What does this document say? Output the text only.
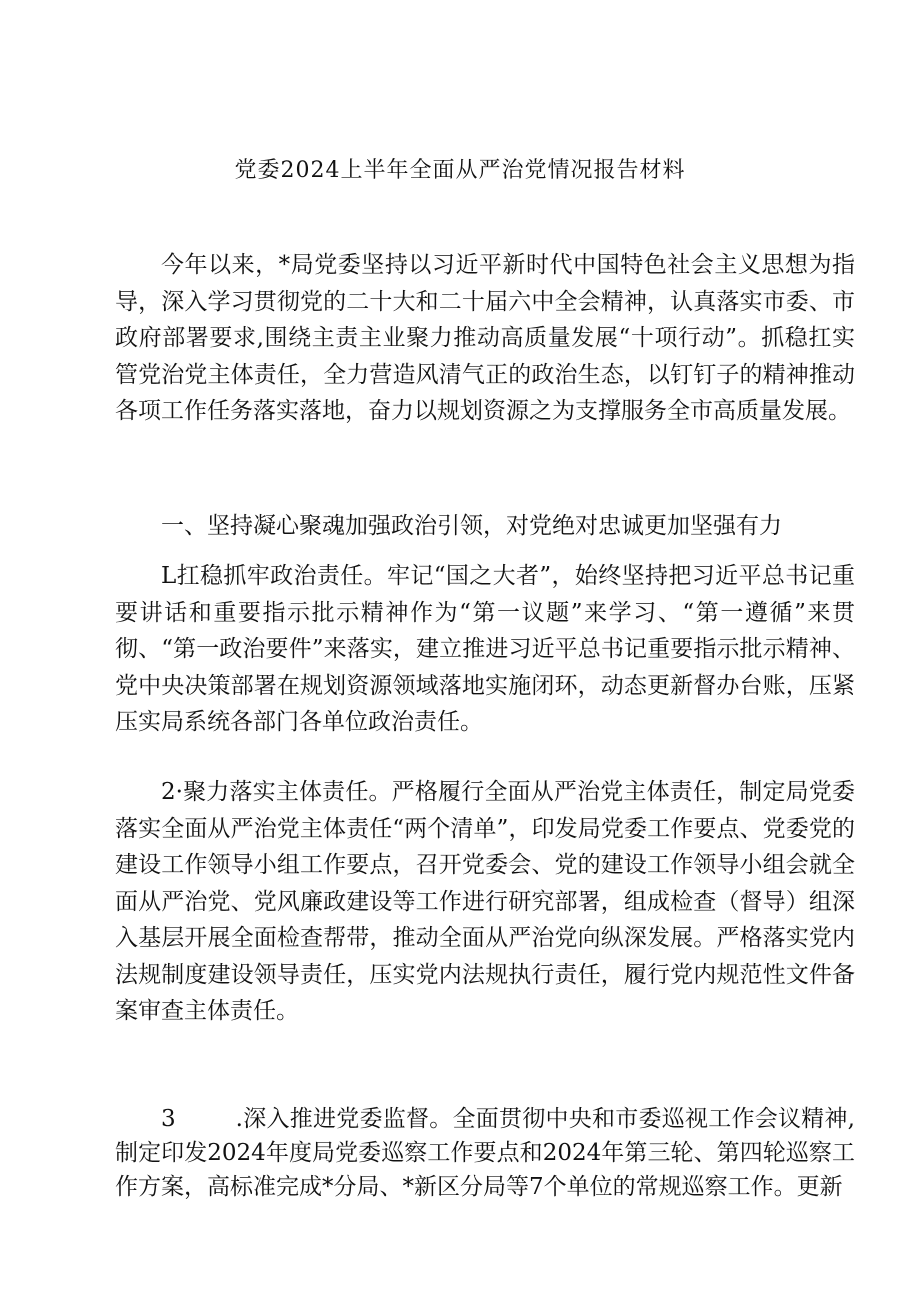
党委2024上半年全面从严治党情况报告材料

今年以来，*局党委坚持以习近平新时代中国特色社会主义思想为指导，深入学习贯彻党的二十大和二十届六中全会精神，认真落实市委、市政府部署要求,围绕主责主业聚力推动高质量发展“十项行动”。抓稳扛实管党治党主体责任，全力营造风清气正的政治生态，以钉钉子的精神推动各项工作任务落实落地，奋力以规划资源之为支撑服务全市高质量发展。

一、坚持凝心聚魂加强政治引领，对党绝对忠诚更加坚强有力

L扛稳抓牢政治责任。牢记“国之大者”，始终坚持把习近平总书记重要讲话和重要指示批示精神作为“第一议题”来学习、“第一遵循”来贯彻、“第一政治要件”来落实，建立推进习近平总书记重要指示批示精神、党中央决策部署在规划资源领域落地实施闭环，动态更新督办台账，压紧压实局系统各部门各单位政治责任。

2·聚力落实主体责任。严格履行全面从严治党主体责任，制定局党委落实全面从严治党主体责任“两个清单”，印发局党委工作要点、党委党的建设工作领导小组工作要点，召开党委会、党的建设工作领导小组会就全面从严治党、党风廉政建设等工作进行研究部署，组成检查（督导）组深入基层开展全面检查帮带，推动全面从严治党向纵深发展。严格落实党内法规制度建设领导责任，压实党内法规执行责任，履行党内规范性文件备案审查主体责任。

3	.深入推进党委监督。全面贯彻中央和市委巡视工作会议精神,制定印发2024年度局党委巡察工作要点和2024年第三轮、第四轮巡察工作方案，高标准完成*分局、*新区分局等7个单位的常规巡察工作。更新
